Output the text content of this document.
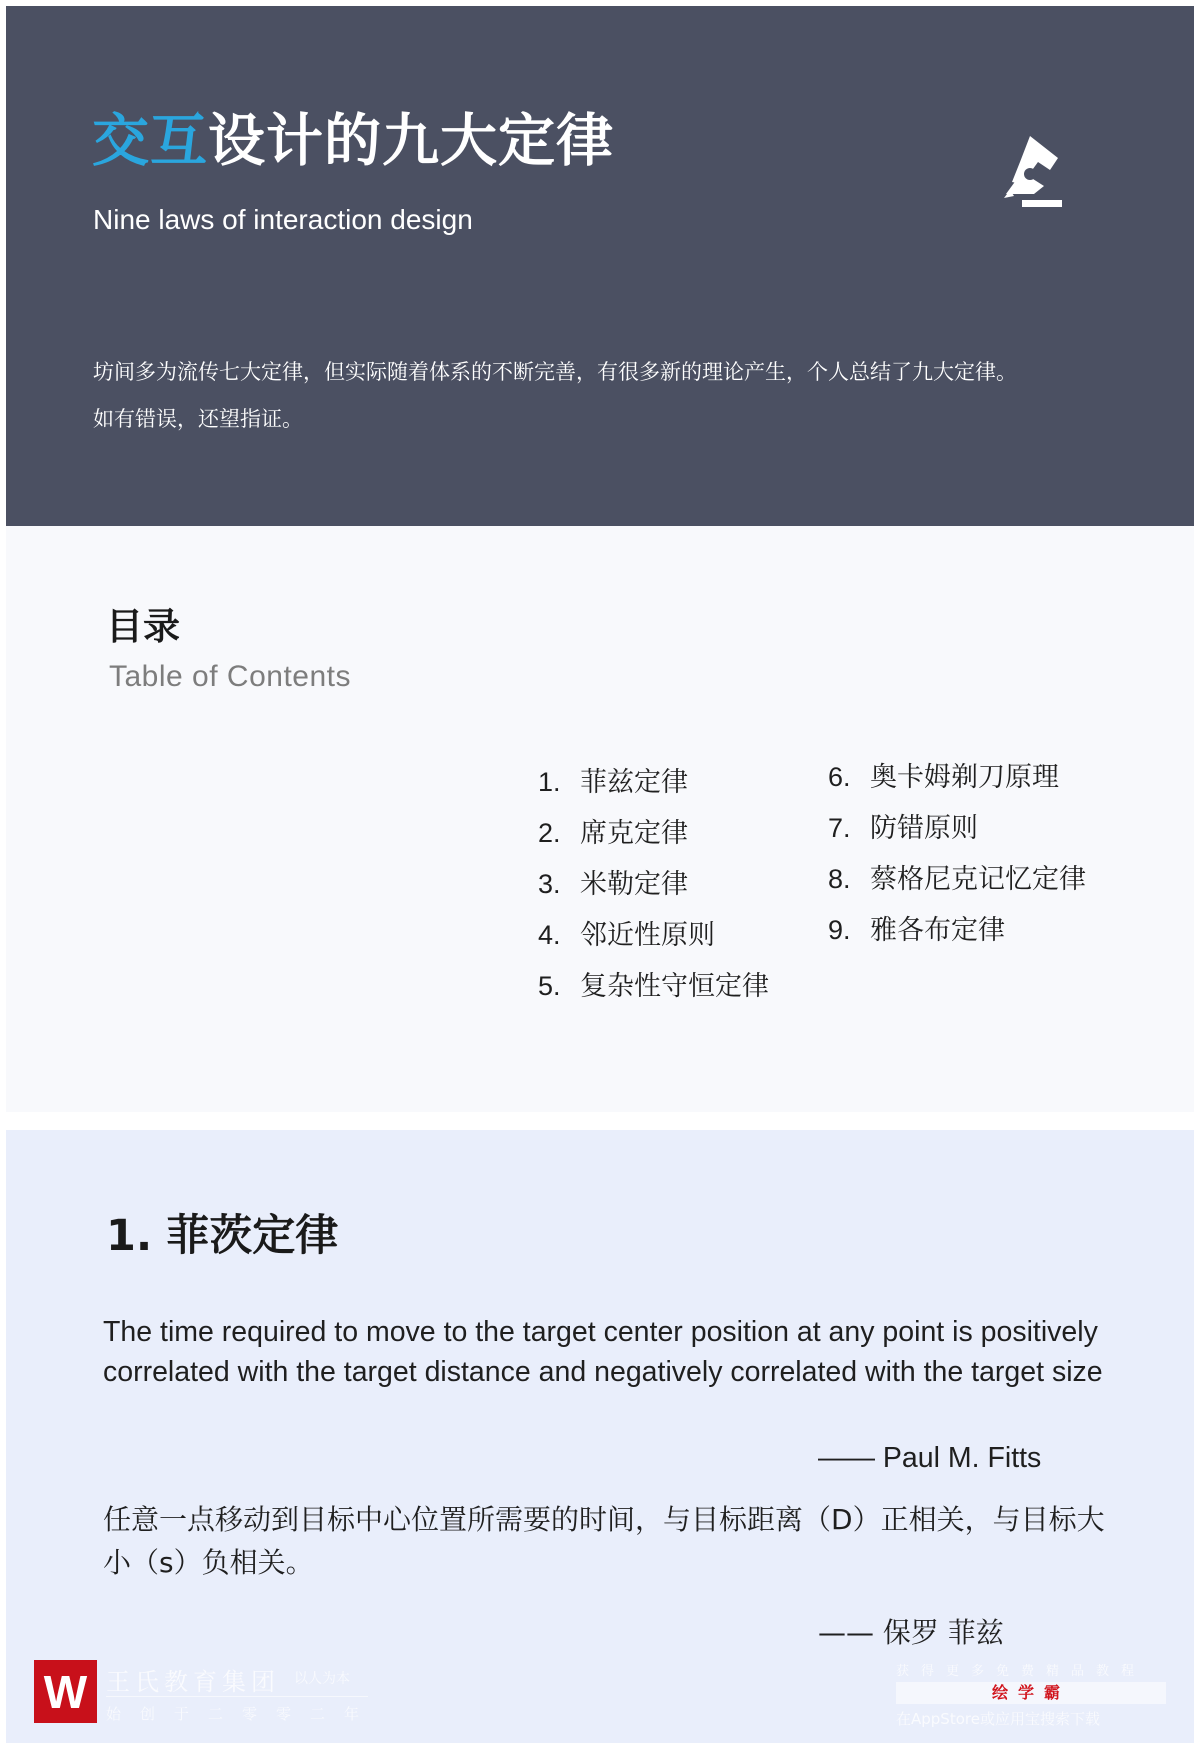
交互设计的九大定律
Nine laws of interaction design
坊间多为流传七大定律，但实际随着体系的不断完善，有很多新的理论产生，个人总结了九大定律。
如有错误，还望指证。
目录
Table of Contents
1. 菲兹定律
2. 席克定律
3. 米勒定律
4. 邻近性原则
5. 复杂性守恒定律
6. 奥卡姆剃刀原理
7. 防错原则
8. 蔡格尼克记忆定律
9. 雅各布定律
1. 菲茨定律

The time required to move to the target center position at any point is positively correlated with the target distance and negatively correlated with the target size

—— Paul M. Fitts

任意一点移动到目标中心位置所需要的时间，与目标距离（D）正相关，与目标大小（s）负相关。

—— 保罗 菲兹
W 王氏教育集团 以人为本
始创于二零零二年
获得更多免费精品教程
绘学霸
在AppStore或应用宝搜索下载
